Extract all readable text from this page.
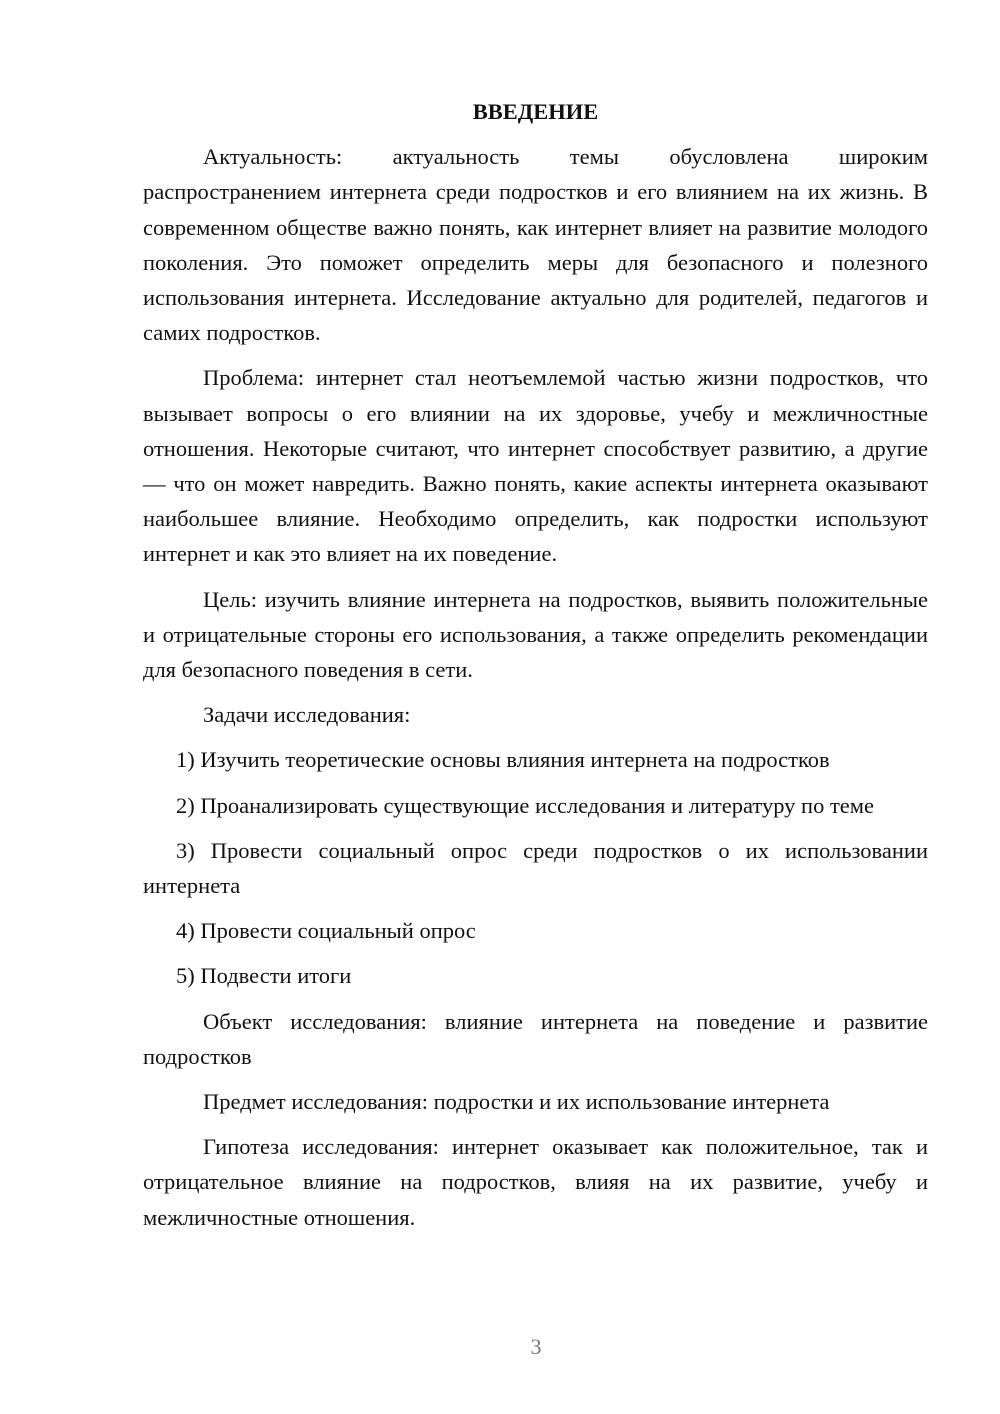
ВВЕДЕНИЕ

Актуальность: актуальность темы обусловлена широким распространением интернета среди подростков и его влиянием на их жизнь. В современном обществе важно понять, как интернет влияет на развитие молодого поколения. Это поможет определить меры для безопасного и полезного использования интернета. Исследование актуально для родителей, педагогов и самих подростков.

Проблема: интернет стал неотъемлемой частью жизни подростков, что вызывает вопросы о его влиянии на их здоровье, учебу и межличностные отношения. Некоторые считают, что интернет способствует развитию, а другие — что он может навредить. Важно понять, какие аспекты интернета оказывают наибольшее влияние. Необходимо определить, как подростки используют интернет и как это влияет на их поведение.

Цель: изучить влияние интернета на подростков, выявить положительные и отрицательные стороны его использования, а также определить рекомендации для безопасного поведения в сети.

Задачи исследования:

1) Изучить теоретические основы влияния интернета на подростков

2) Проанализировать существующие исследования и литературу по теме

3) Провести социальный опрос среди подростков о их использовании интернета

4) Провести социальный опрос

5) Подвести итоги

Объект исследования: влияние интернета на поведение и развитие подростков

Предмет исследования: подростки и их использование интернета

Гипотеза исследования: интернет оказывает как положительное, так и отрицательное влияние на подростков, влияя на их развитие, учебу и межличностные отношения.

3
